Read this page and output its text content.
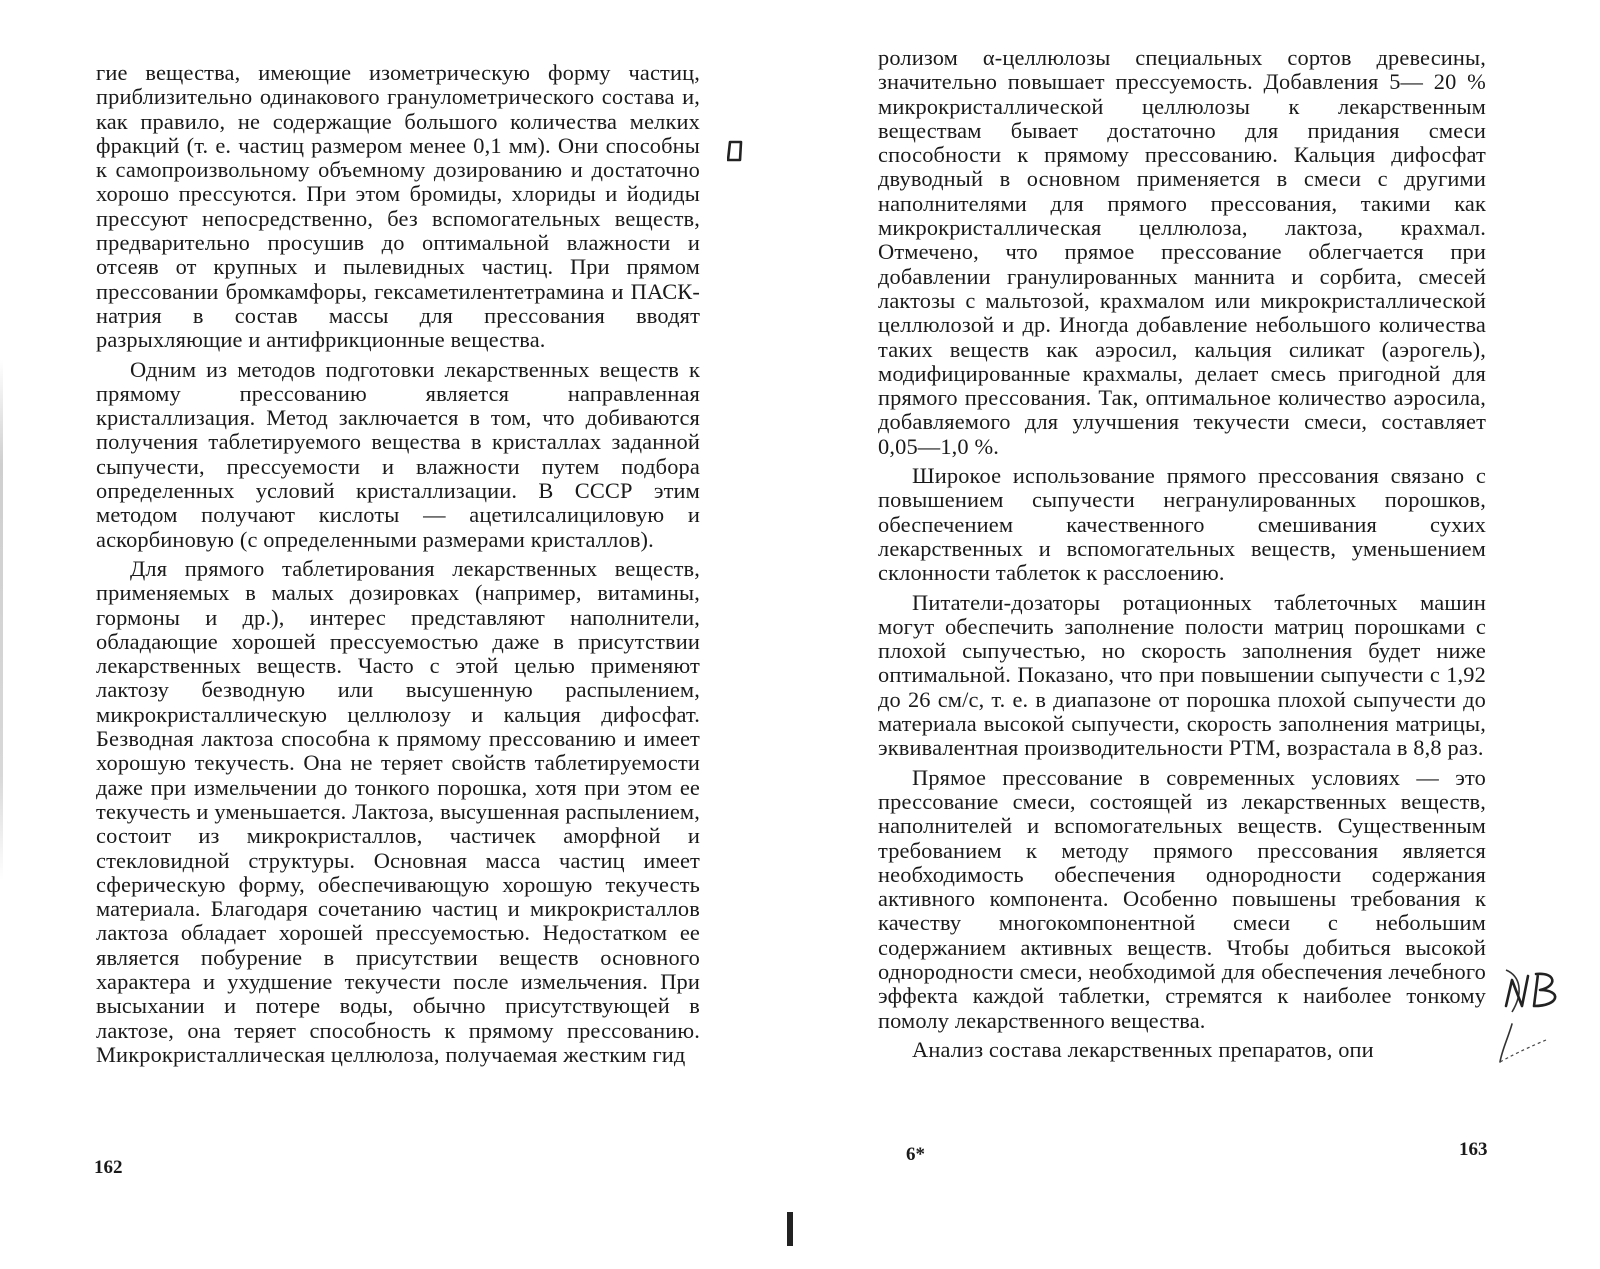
гие вещества, имеющие изометрическую форму частиц, приблизительно одинакового гранулометрического состава и, как правило, не содержащие большого количества мелких фракций (т. е. частиц размером менее 0,1 мм). Они способны к самопроизвольному объемному дозированию и достаточно хорошо прессуются. При этом бромиды, хлориды и йодиды прессуют непосредственно, без вспомогательных веществ, предварительно просушив до оптимальной влажности и отсеяв от крупных и пылевидных частиц. При прямом прессовании бромкамфоры, гексаметилентетрамина и ПАСК-натрия в состав массы для прессования вводят разрыхляющие и антифрикционные вещества.

Одним из методов подготовки лекарственных веществ к прямому прессованию является направленная кристаллизация. Метод заключается в том, что добиваются получения таблетируемого вещества в кристаллах заданной сыпучести, прессуемости и влажности путем подбора определенных условий кристаллизации. В СССР этим методом получают кислоты — ацетилсалициловую и аскорбиновую (с определенными размерами кристаллов).

Для прямого таблетирования лекарственных веществ, применяемых в малых дозировках (например, витамины, гормоны и др.), интерес представляют наполнители, обладающие хорошей прессуемостью даже в присутствии лекарственных веществ. Часто с этой целью применяют лактозу безводную или высушенную распылением, микрокристаллическую целлюлозу и кальция дифосфат. Безводная лактоза способна к прямому прессованию и имеет хорошую текучесть. Она не теряет свойств таблетируемости даже при измельчении до тонкого порошка, хотя при этом ее текучесть и уменьшается. Лактоза, высушенная распылением, состоит из микрокристаллов, частичек аморфной и стекловидной структуры. Основная масса частиц имеет сферическую форму, обеспечивающую хорошую текучесть материала. Благодаря сочетанию частиц и микрокристаллов лактоза обладает хорошей прессуемостью. Недостатком ее является побурение в присутствии веществ основного характера и ухудшение текучести после измельчения. При высыхании и потере воды, обычно присутствующей в лактозе, она теряет способность к прямому прессованию. Микрокристаллическая целлюлоза, получаемая жестким гид

162

ролизом α-целлюлозы специальных сортов древесины, значительно повышает прессуемость. Добавления 5— 20 % микрокристаллической целлюлозы к лекарственным веществам бывает достаточно для придания смеси способности к прямому прессованию. Кальция дифосфат двуводный в основном применяется в смеси с другими наполнителями для прямого прессования, такими как микрокристаллическая целлюлоза, лактоза, крахмал. Отмечено, что прямое прессование облегчается при добавлении гранулированных маннита и сорбита, смесей лактозы с мальтозой, крахмалом или микрокристаллической целлюлозой и др. Иногда добавление небольшого количества таких веществ как аэросил, кальция силикат (аэрогель), модифицированные крахмалы, делает смесь пригодной для прямого прессования. Так, оптимальное количество аэросила, добавляемого для улучшения текучести смеси, составляет 0,05—1,0 %.

Широкое использование прямого прессования связано с повышением сыпучести негранулированных порошков, обеспечением качественного смешивания сухих лекарственных и вспомогательных веществ, уменьшением склонности таблеток к расслоению.

Питатели-дозаторы ротационных таблеточных машин могут обеспечить заполнение полости матриц порошками с плохой сыпучестью, но скорость заполнения будет ниже оптимальной. Показано, что при повышении сыпучести с 1,92 до 26 см/с, т. е. в диапазоне от порошка плохой сыпучести до материала высокой сыпучести, скорость заполнения матрицы, эквивалентная производительности РТМ, возрастала в 8,8 раз.

Прямое прессование в современных условиях — это прессование смеси, состоящей из лекарственных веществ, наполнителей и вспомогательных веществ. Существенным требованием к методу прямого прессования является необходимость обеспечения однородности содержания активного компонента. Особенно повышены требования к качеству многокомпонентной смеси с небольшим содержанием активных веществ. Чтобы добиться высокой однородности смеси, необходимой для обеспечения лечебного эффекта каждой таблетки, стремятся к наиболее тонкому помолу лекарственного вещества.

Анализ состава лекарственных препаратов, опи

6*	163
